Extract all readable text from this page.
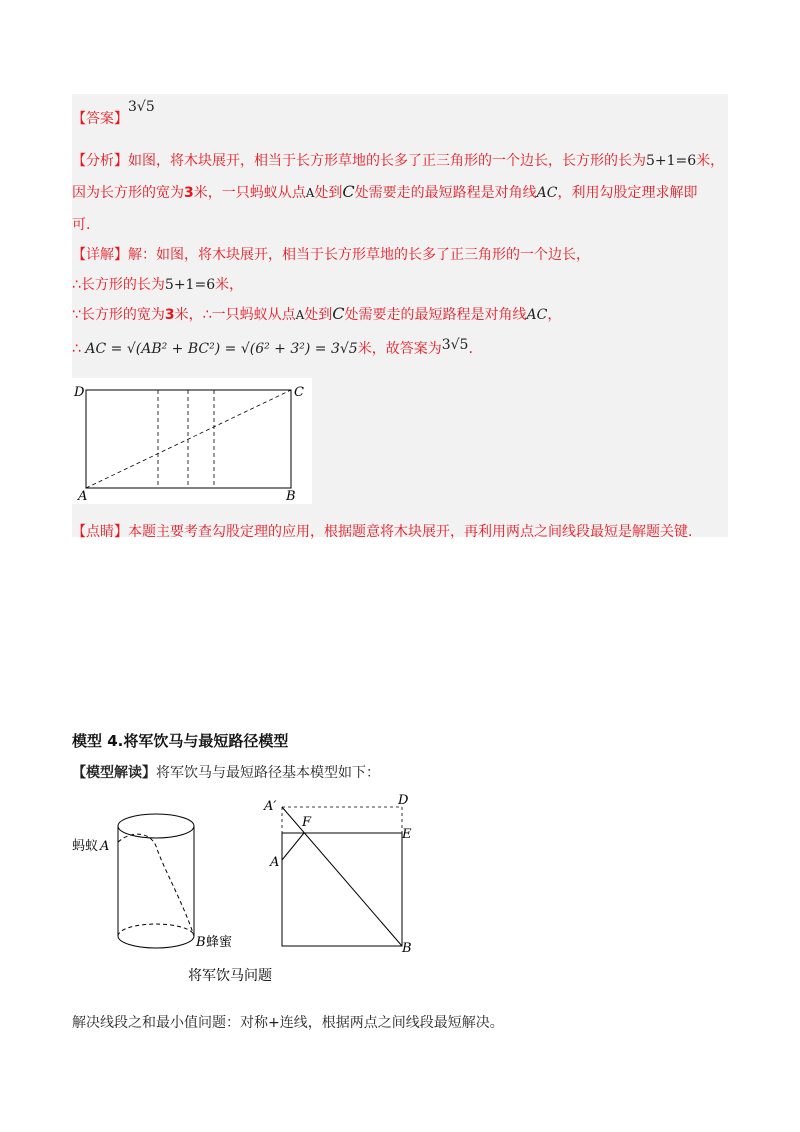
【答案】3√5
【分析】如图，将木块展开，相当于长方形草地的长多了正三角形的一个边长，长方形的长为5+1=6米，
因为长方形的宽为3米，一只蚂蚁从点A处到C处需要走的最短路程是对角线AC，利用勾股定理求解即
可.
【详解】解：如图，将木块展开，相当于长方形草地的长多了正三角形的一个边长，
∴长方形的长为5+1=6米，
∵长方形的宽为3米，∴一只蚂蚁从点A处到C处需要走的最短路程是对角线AC，
∴ AC = √(AB² + BC²) = √(6² + 3²) = 3√5米，故答案为3√5.
D	C
A	B
【点睛】本题主要考查勾股定理的应用，根据题意将木块展开，再利用两点之间线段最短是解题关键.
模型 4.将军饮马与最短路径模型
【模型解读】将军饮马与最短路径基本模型如下：
蚂蚁 A
B 蜂蜜
将军饮马问题
A′	D
F
E
A
B
解决线段之和最小值问题：对称+连线，根据两点之间线段最短解决。
